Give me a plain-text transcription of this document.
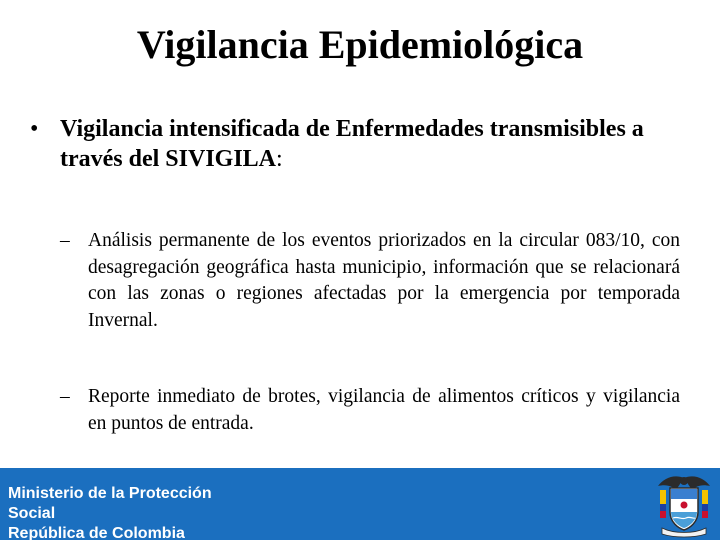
Vigilancia Epidemiológica
• Vigilancia intensificada de Enfermedades transmisibles a través del SIVIGILA:
– Análisis permanente de los eventos priorizados en la circular 083/10, con desagregación geográfica hasta municipio, información que se relacionará con las zonas o regiones afectadas por la emergencia por temporada Invernal.
– Reporte inmediato de brotes, vigilancia de alimentos críticos y vigilancia en puntos de entrada.
Ministerio de la Protección
Social
República de Colombia
